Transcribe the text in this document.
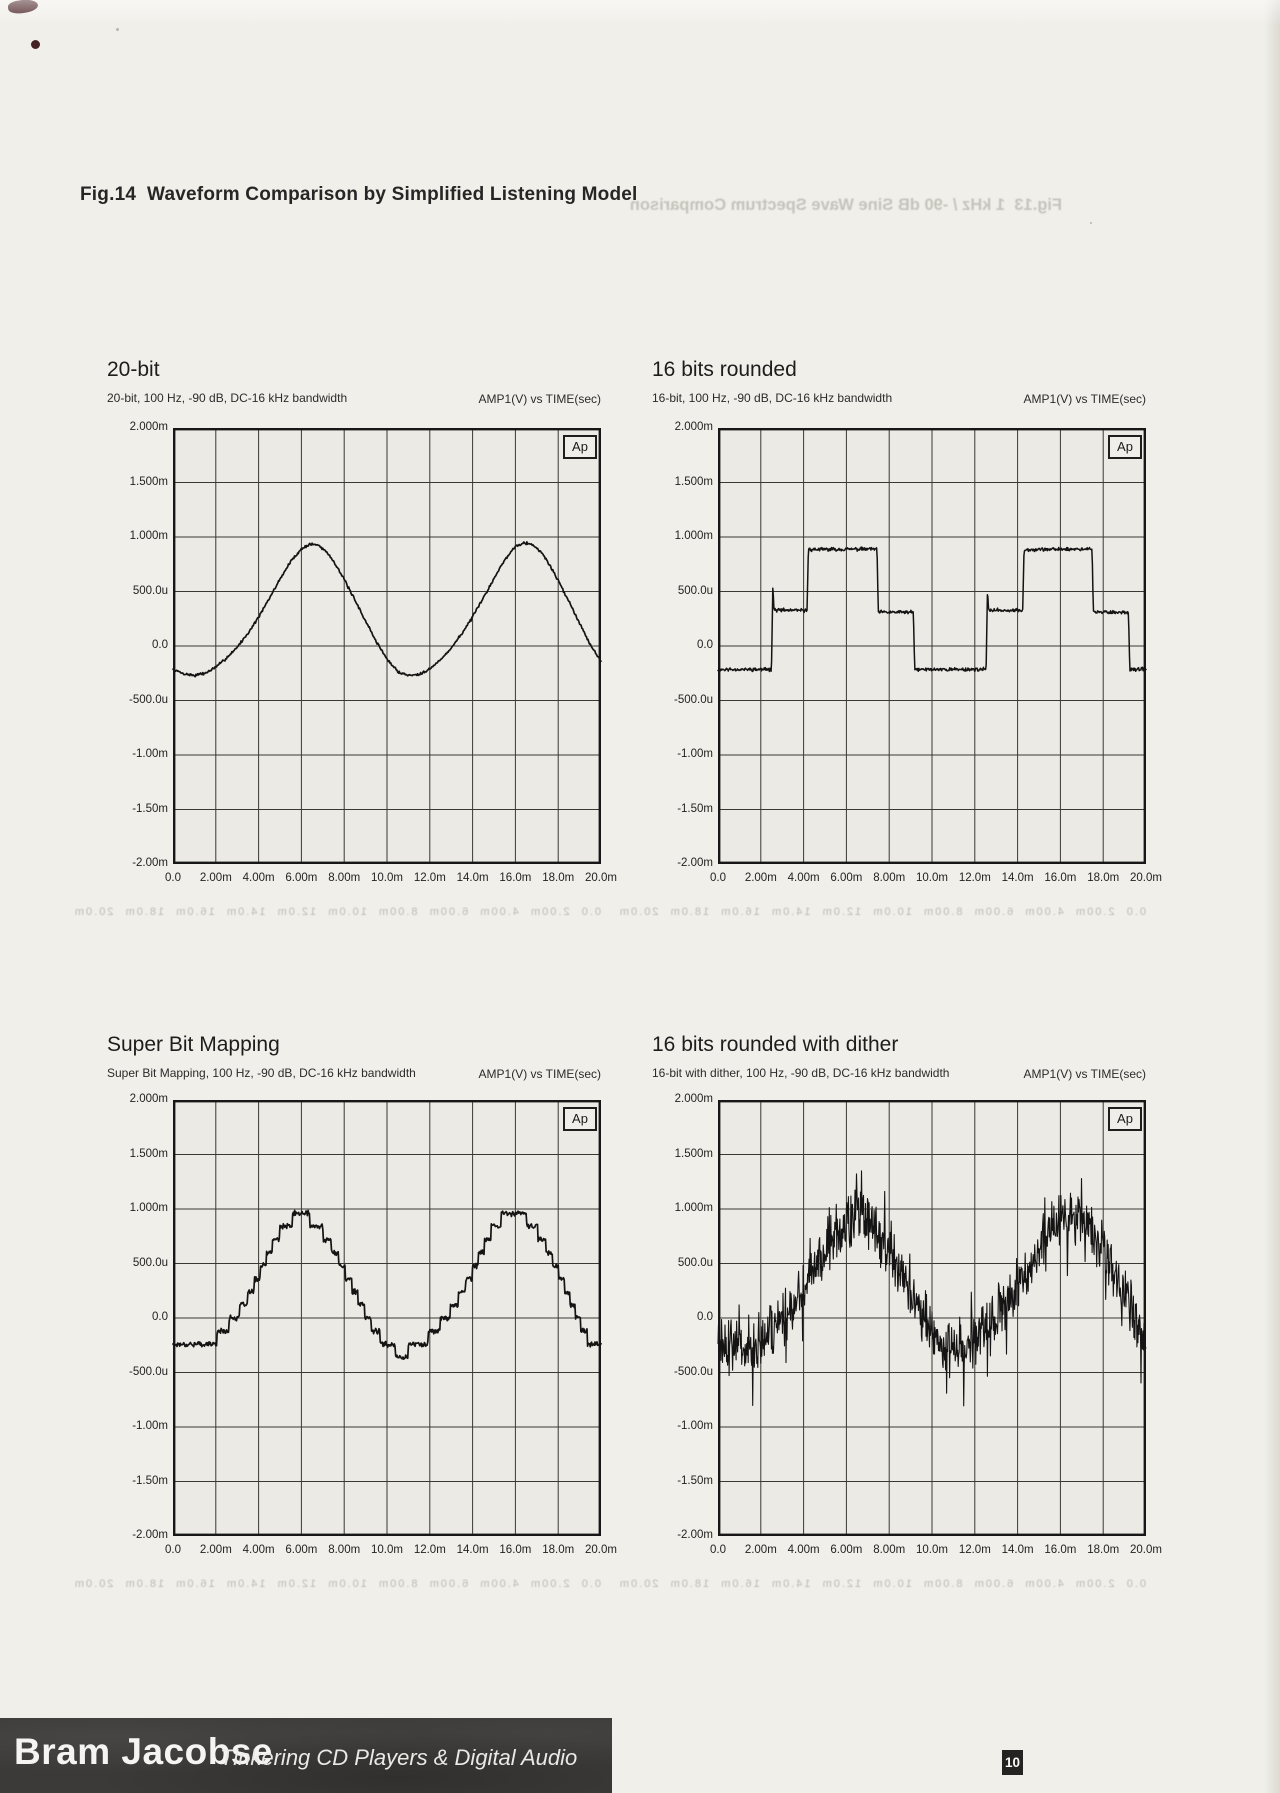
Fig.14  Waveform Comparison by Simplified Listening Model
Fig.13  1 kHz / -90 dB Sine Wave Spectrum Comparison
20-bit
20-bit, 100 Hz, -90 dB, DC-16 kHz bandwidth	AMP1(V) vs TIME(sec)
Ap
0.0  2.00m  4.00m  6.00m  8.00m  10.0m  12.0m  14.0m  16.0m  18.0m  20.0m
2.000m
1.500m
1.000m
500.0u
0.0
-500.0u
-1.00m
-1.50m
-2.00m
0.0	2.00m 4.00m 6.00m 8.00m 10.0m 12.0m 14.0m 16.0m 18.0m 20.0m
16 bits rounded
16-bit, 100 Hz, -90 dB, DC-16 kHz bandwidth	AMP1(V) vs TIME(sec)
Ap
0.0  2.00m  4.00m  6.00m  8.00m  10.0m  12.0m  14.0m  16.0m  18.0m  20.0m
2.000m
1.500m
1.000m
500.0u
0.0
-500.0u
-1.00m
-1.50m
-2.00m
0.0	2.00m 4.00m 6.00m 8.00m 10.0m 12.0m 14.0m 16.0m 18.0m 20.0m
Super Bit Mapping
Super Bit Mapping, 100 Hz, -90 dB, DC-16 kHz bandwidth	AMP1(V) vs TIME(sec)
Ap
0.0  2.00m  4.00m  6.00m  8.00m  10.0m  12.0m  14.0m  16.0m  18.0m  20.0m
2.000m
1.500m
1.000m
500.0u
0.0
-500.0u
-1.00m
-1.50m
-2.00m
0.0	2.00m 4.00m 6.00m 8.00m 10.0m 12.0m 14.0m 16.0m 18.0m 20.0m
16 bits rounded with dither
16-bit with dither, 100 Hz, -90 dB, DC-16 kHz bandwidth	AMP1(V) vs TIME(sec)
Ap
0.0  2.00m  4.00m  6.00m  8.00m  10.0m  12.0m  14.0m  16.0m  18.0m  20.0m
2.000m
1.500m
1.000m
500.0u
0.0
-500.0u
-1.00m
-1.50m
-2.00m
0.0	2.00m 4.00m 6.00m 8.00m 10.0m 12.0m 14.0m 16.0m 18.0m 20.0m
Bram Jacobse
Tinkering CD Players & Digital Audio	10
